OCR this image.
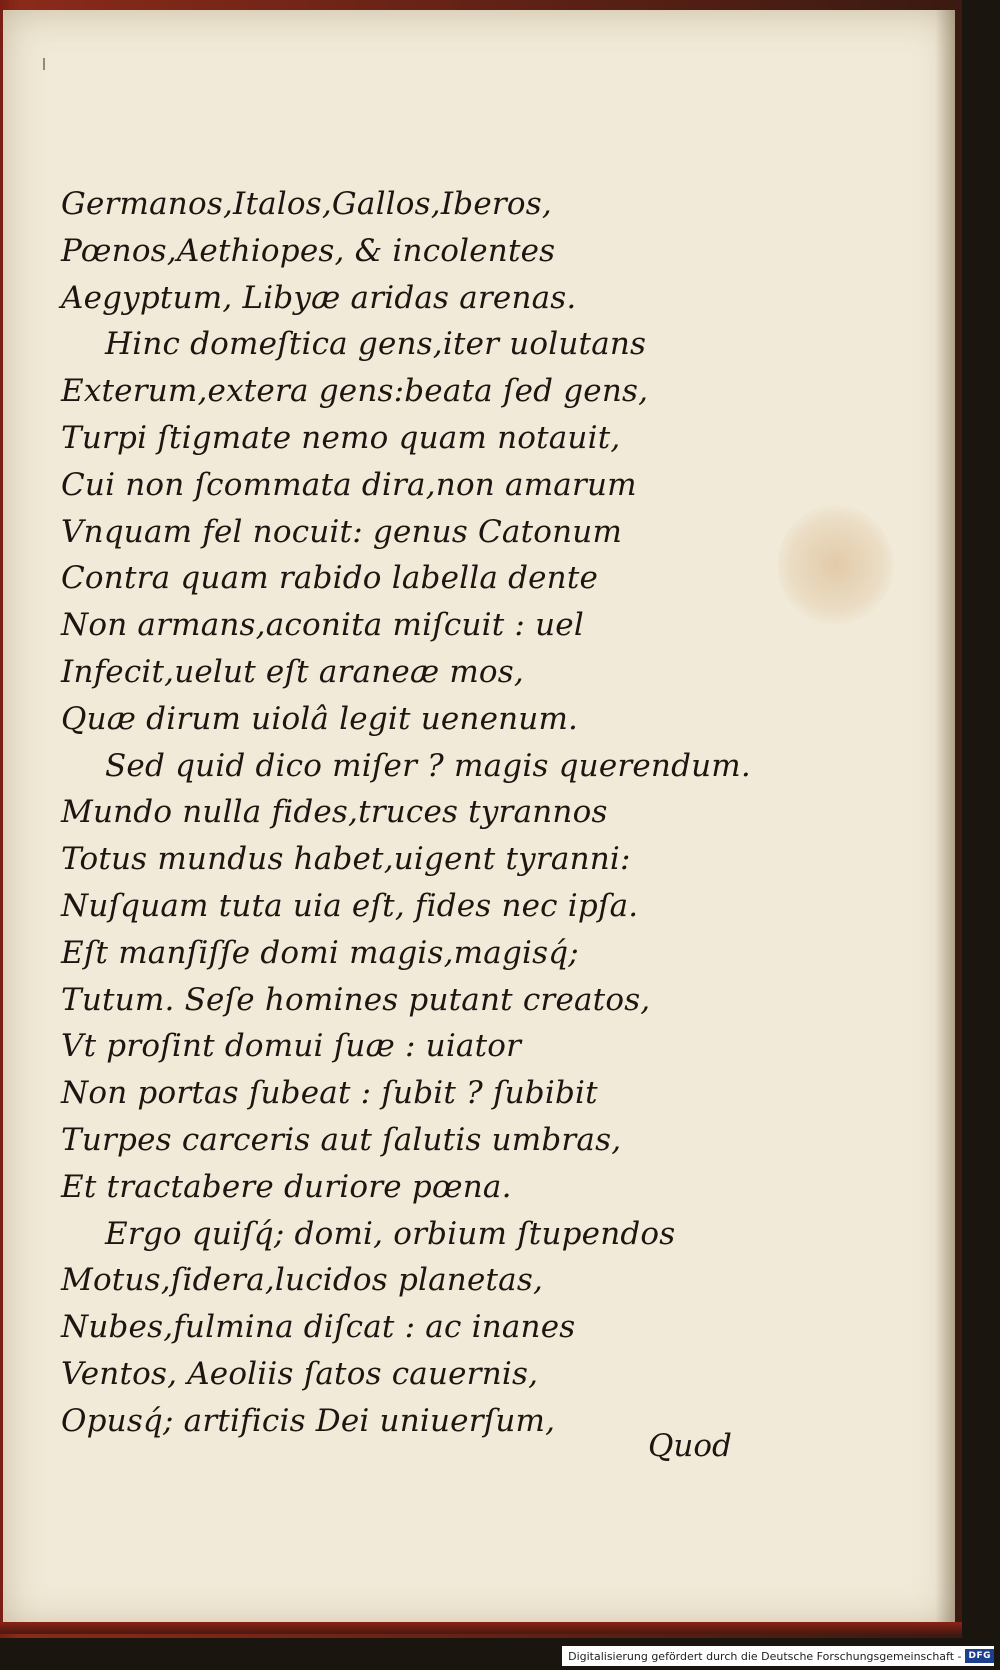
Germanos,Italos,Gallos,Iberos,
Pœnos,Aethiopes, & incolentes
Aegyptum, Libyæ aridas arenas.
Hinc domeſtica gens,iter uolutans
Exterum,extera gens:beata ſed gens,
Turpi ſtigmate nemo quam notauit,
Cui non ſcommata dira,non amarum
Vnquam fel nocuit: genus Catonum
Contra quam rabido labella dente
Non armans,aconita miſcuit : uel
Infecit,uelut eſt araneæ mos,
Quæ dirum uiolâ legit uenenum.
Sed quid dico miſer ? magis querendum.
Mundo nulla fides,truces tyrannos
Totus mundus habet,uigent tyranni:
Nuſquam tuta uia eſt, fides nec ipſa.
Eſt manſiſſe domi magis,magisq́;
Tutum. Seſe homines putant creatos,
Vt proſint domui ſuæ : uiator
Non portas ſubeat : ſubit ? ſubibit
Turpes carceris aut ſalutis umbras,
Et tractabere duriore pœna.
Ergo quiſq́; domi, orbium ſtupendos
Motus,ſidera,lucidos planetas,
Nubes,fulmina diſcat : ac inanes
Ventos, Aeoliis ſatos cauernis,
Opusq́; artificis Dei uniuerſum,
Quod
Digitalisierung gefördert durch die Deutsche Forschungsgemeinschaft - DFG
